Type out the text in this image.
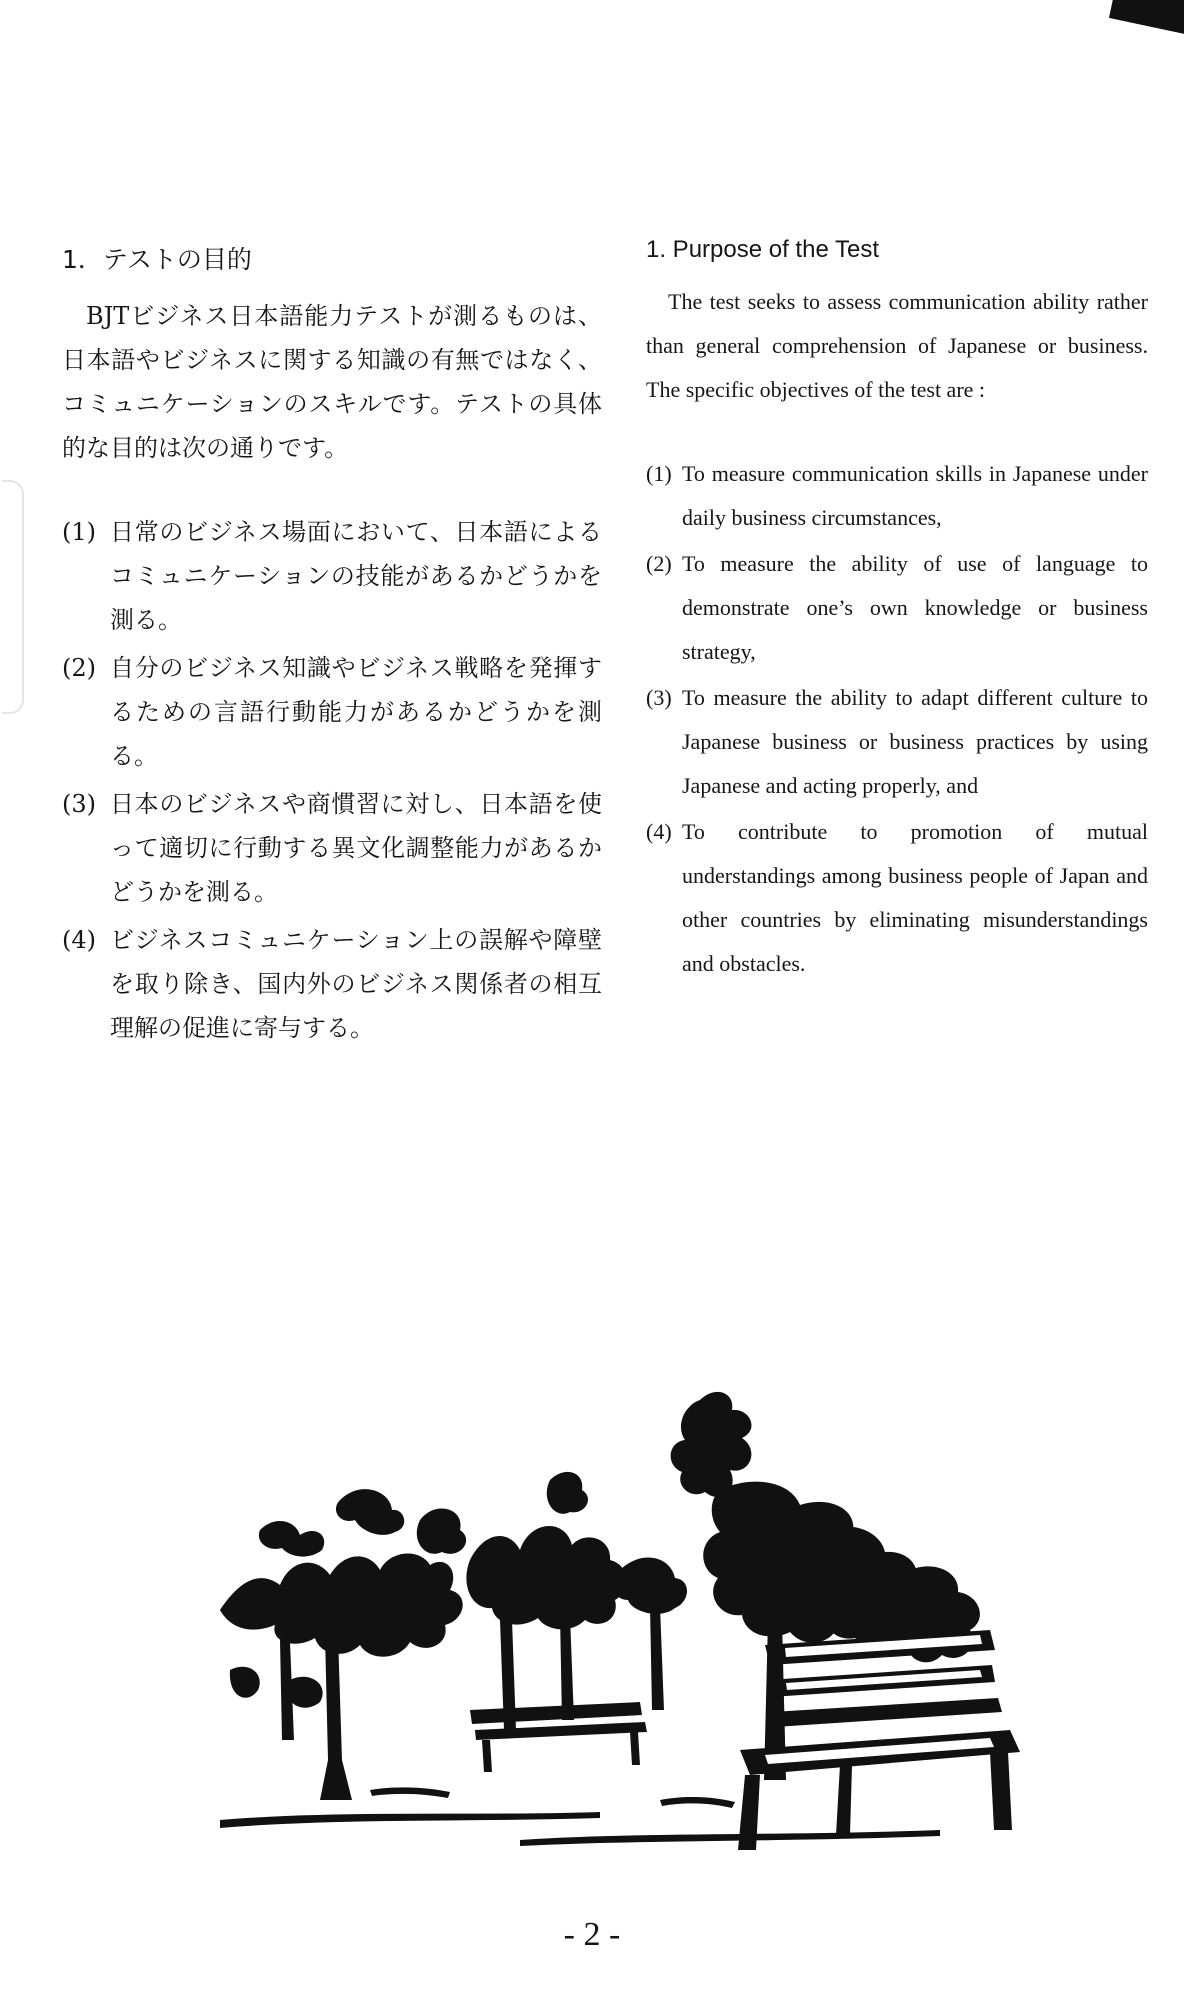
1．テストの目的

BJTビジネス日本語能力テストが測るものは、日本語やビジネスに関する知識の有無ではなく、コミュニケーションのスキルです。テストの具体的な目的は次の通りです。

(1) 日常のビジネス場面において、日本語によるコミュニケーションの技能があるかどうかを測る。
(2) 自分のビジネス知識やビジネス戦略を発揮するための言語行動能力があるかどうかを測る。
(3) 日本のビジネスや商慣習に対し、日本語を使って適切に行動する異文化調整能力があるかどうかを測る。
(4) ビジネスコミュニケーション上の誤解や障壁を取り除き、国内外のビジネス関係者の相互理解の促進に寄与する。
1. Purpose of the Test

The test seeks to assess communication ability rather than general comprehension of Japanese or business. The specific objectives of the test are :

(1) To measure communication skills in Japanese under daily business circumstances,
(2) To measure the ability of use of language to demonstrate one’s own knowledge or business strategy,
(3) To measure the ability to adapt different culture to Japanese business or business practices by using Japanese and acting properly, and
(4) To contribute to promotion of mutual understandings among business people of Japan and other countries by eliminating misunderstandings and obstacles.
- 2 -
